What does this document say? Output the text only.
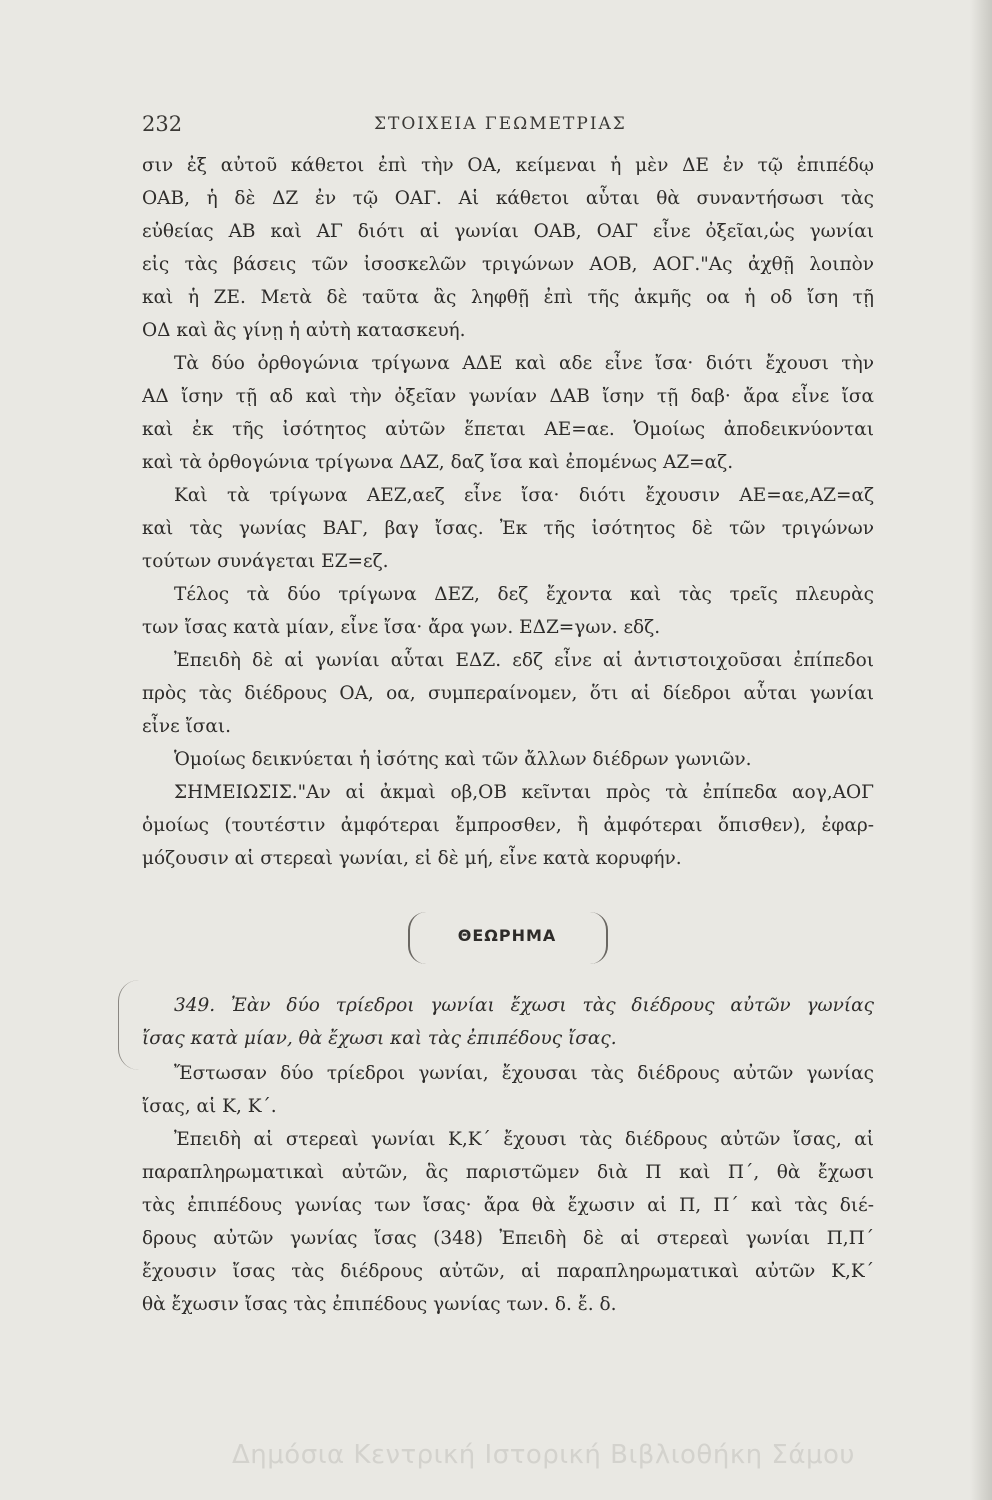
232	ΣΤΟΙΧΕΙΑ ΓΕΩΜΕΤΡΙΑΣ
σιν ἐξ αὐτοῦ κάθετοι ἐπὶ τὴν ΟΑ, κείμεναι ἡ μὲν ΔΕ ἐν τῷ ἐπιπέδῳ
ΟΑΒ, ἡ δὲ ΔΖ ἐν τῷ ΟΑΓ. Αἱ κάθετοι αὗται θὰ συναντήσωσι τὰς
εὐθείας ΑΒ καὶ ΑΓ διότι αἱ γωνίαι ΟΑΒ, ΟΑΓ εἶνε ὀξεῖαι,ὡς γωνίαι
εἰς τὰς βάσεις τῶν ἰσοσκελῶν τριγώνων ΑΟΒ, ΑΟΓ."Ας ἀχθῇ λοιπὸν
καὶ ἡ ΖΕ. Μετὰ δὲ ταῦτα ἂς ληφθῇ ἐπὶ τῆς ἀκμῆς οα ἡ οδ ἴση τῇ
ΟΔ καὶ ἂς γίνῃ ἡ αὐτὴ κατασκευή.
Τὰ δύο ὀρθογώνια τρίγωνα ΑΔΕ καὶ αδε εἶνε ἴσα· διότι ἔχουσι τὴν
ΑΔ ἴσην τῇ αδ καὶ τὴν ὀξεῖαν γωνίαν ΔΑΒ ἴσην τῇ δαβ· ἄρα εἶνε ἴσα
καὶ ἐκ τῆς ἰσότητος αὐτῶν ἕπεται ΑΕ=αε. Ὁμοίως ἀποδεικνύονται
καὶ τὰ ὀρθογώνια τρίγωνα ΔΑΖ, δαζ ἴσα καὶ ἐπομένως ΑΖ=αζ.
Καὶ τὰ τρίγωνα ΑΕΖ,αεζ εἶνε ἴσα· διότι ἔχουσιν ΑΕ=αε,ΑΖ=αζ
καὶ τὰς γωνίας ΒΑΓ, βαγ ἴσας. Ἐκ τῆς ἰσότητος δὲ τῶν τριγώνων
τούτων συνάγεται ΕΖ=εζ.
Τέλος τὰ δύο τρίγωνα ΔΕΖ, δεζ ἔχοντα καὶ τὰς τρεῖς πλευρὰς
των ἴσας κατὰ μίαν, εἶνε ἴσα· ἄρα γων. ΕΔΖ=γων. εδζ.
Ἐπειδὴ δὲ αἱ γωνίαι αὗται ΕΔΖ. εδζ εἶνε αἱ ἀντιστοιχοῦσαι ἐπίπεδοι
πρὸς τὰς διέδρους ΟΑ, οα, συμπεραίνομεν, ὅτι αἱ δίεδροι αὗται γωνίαι
εἶνε ἴσαι.
Ὁμοίως δεικνύεται ἡ ἰσότης καὶ τῶν ἄλλων διέδρων γωνιῶν.
ΣΗΜΕΙΩΣΙΣ."Αν αἱ ἀκμαὶ οβ,ΟΒ κεῖνται πρὸς τὰ ἐπίπεδα αογ,ΑΟΓ
ὁμοίως (τουτέστιν ἀμφότεραι ἔμπροσθεν, ἢ ἀμφότεραι ὄπισθεν), ἐφαρ-
μόζουσιν αἱ στερεαὶ γωνίαι, εἰ δὲ μή, εἶνε κατὰ κορυφήν.
ΘΕΩΡΗΜΑ
349. Ἐὰν δύο τρίεδροι γωνίαι ἔχωσι τὰς διέδρους αὐτῶν γωνίας
ἴσας κατὰ μίαν, θὰ ἔχωσι καὶ τὰς ἐπιπέδους ἴσας.
Ἔστωσαν δύο τρίεδροι γωνίαι, ἔχουσαι τὰς διέδρους αὐτῶν γωνίας
ἴσας, αἱ Κ, Κ΄.
Ἐπειδὴ αἱ στερεαὶ γωνίαι Κ,Κ΄ ἔχουσι τὰς διέδρους αὐτῶν ἴσας, αἱ
παραπληρωματικαὶ αὐτῶν, ἃς παριστῶμεν διὰ Π καὶ Π΄, θὰ ἔχωσι
τὰς ἐπιπέδους γωνίας των ἴσας· ἄρα θὰ ἔχωσιν αἱ Π, Π΄ καὶ τὰς διέ-
δρους αὐτῶν γωνίας ἴσας (348) Ἐπειδὴ δὲ αἱ στερεαὶ γωνίαι Π,Π΄
ἔχουσιν ἴσας τὰς διέδρους αὐτῶν, αἱ παραπληρωματικαὶ αὐτῶν Κ,Κ΄
θὰ ἔχωσιν ἴσας τὰς ἐπιπέδους γωνίας των. δ. ἔ. δ.
Δημόσια Κεντρική Ιστορική Βιβλιοθήκη Σάμου
